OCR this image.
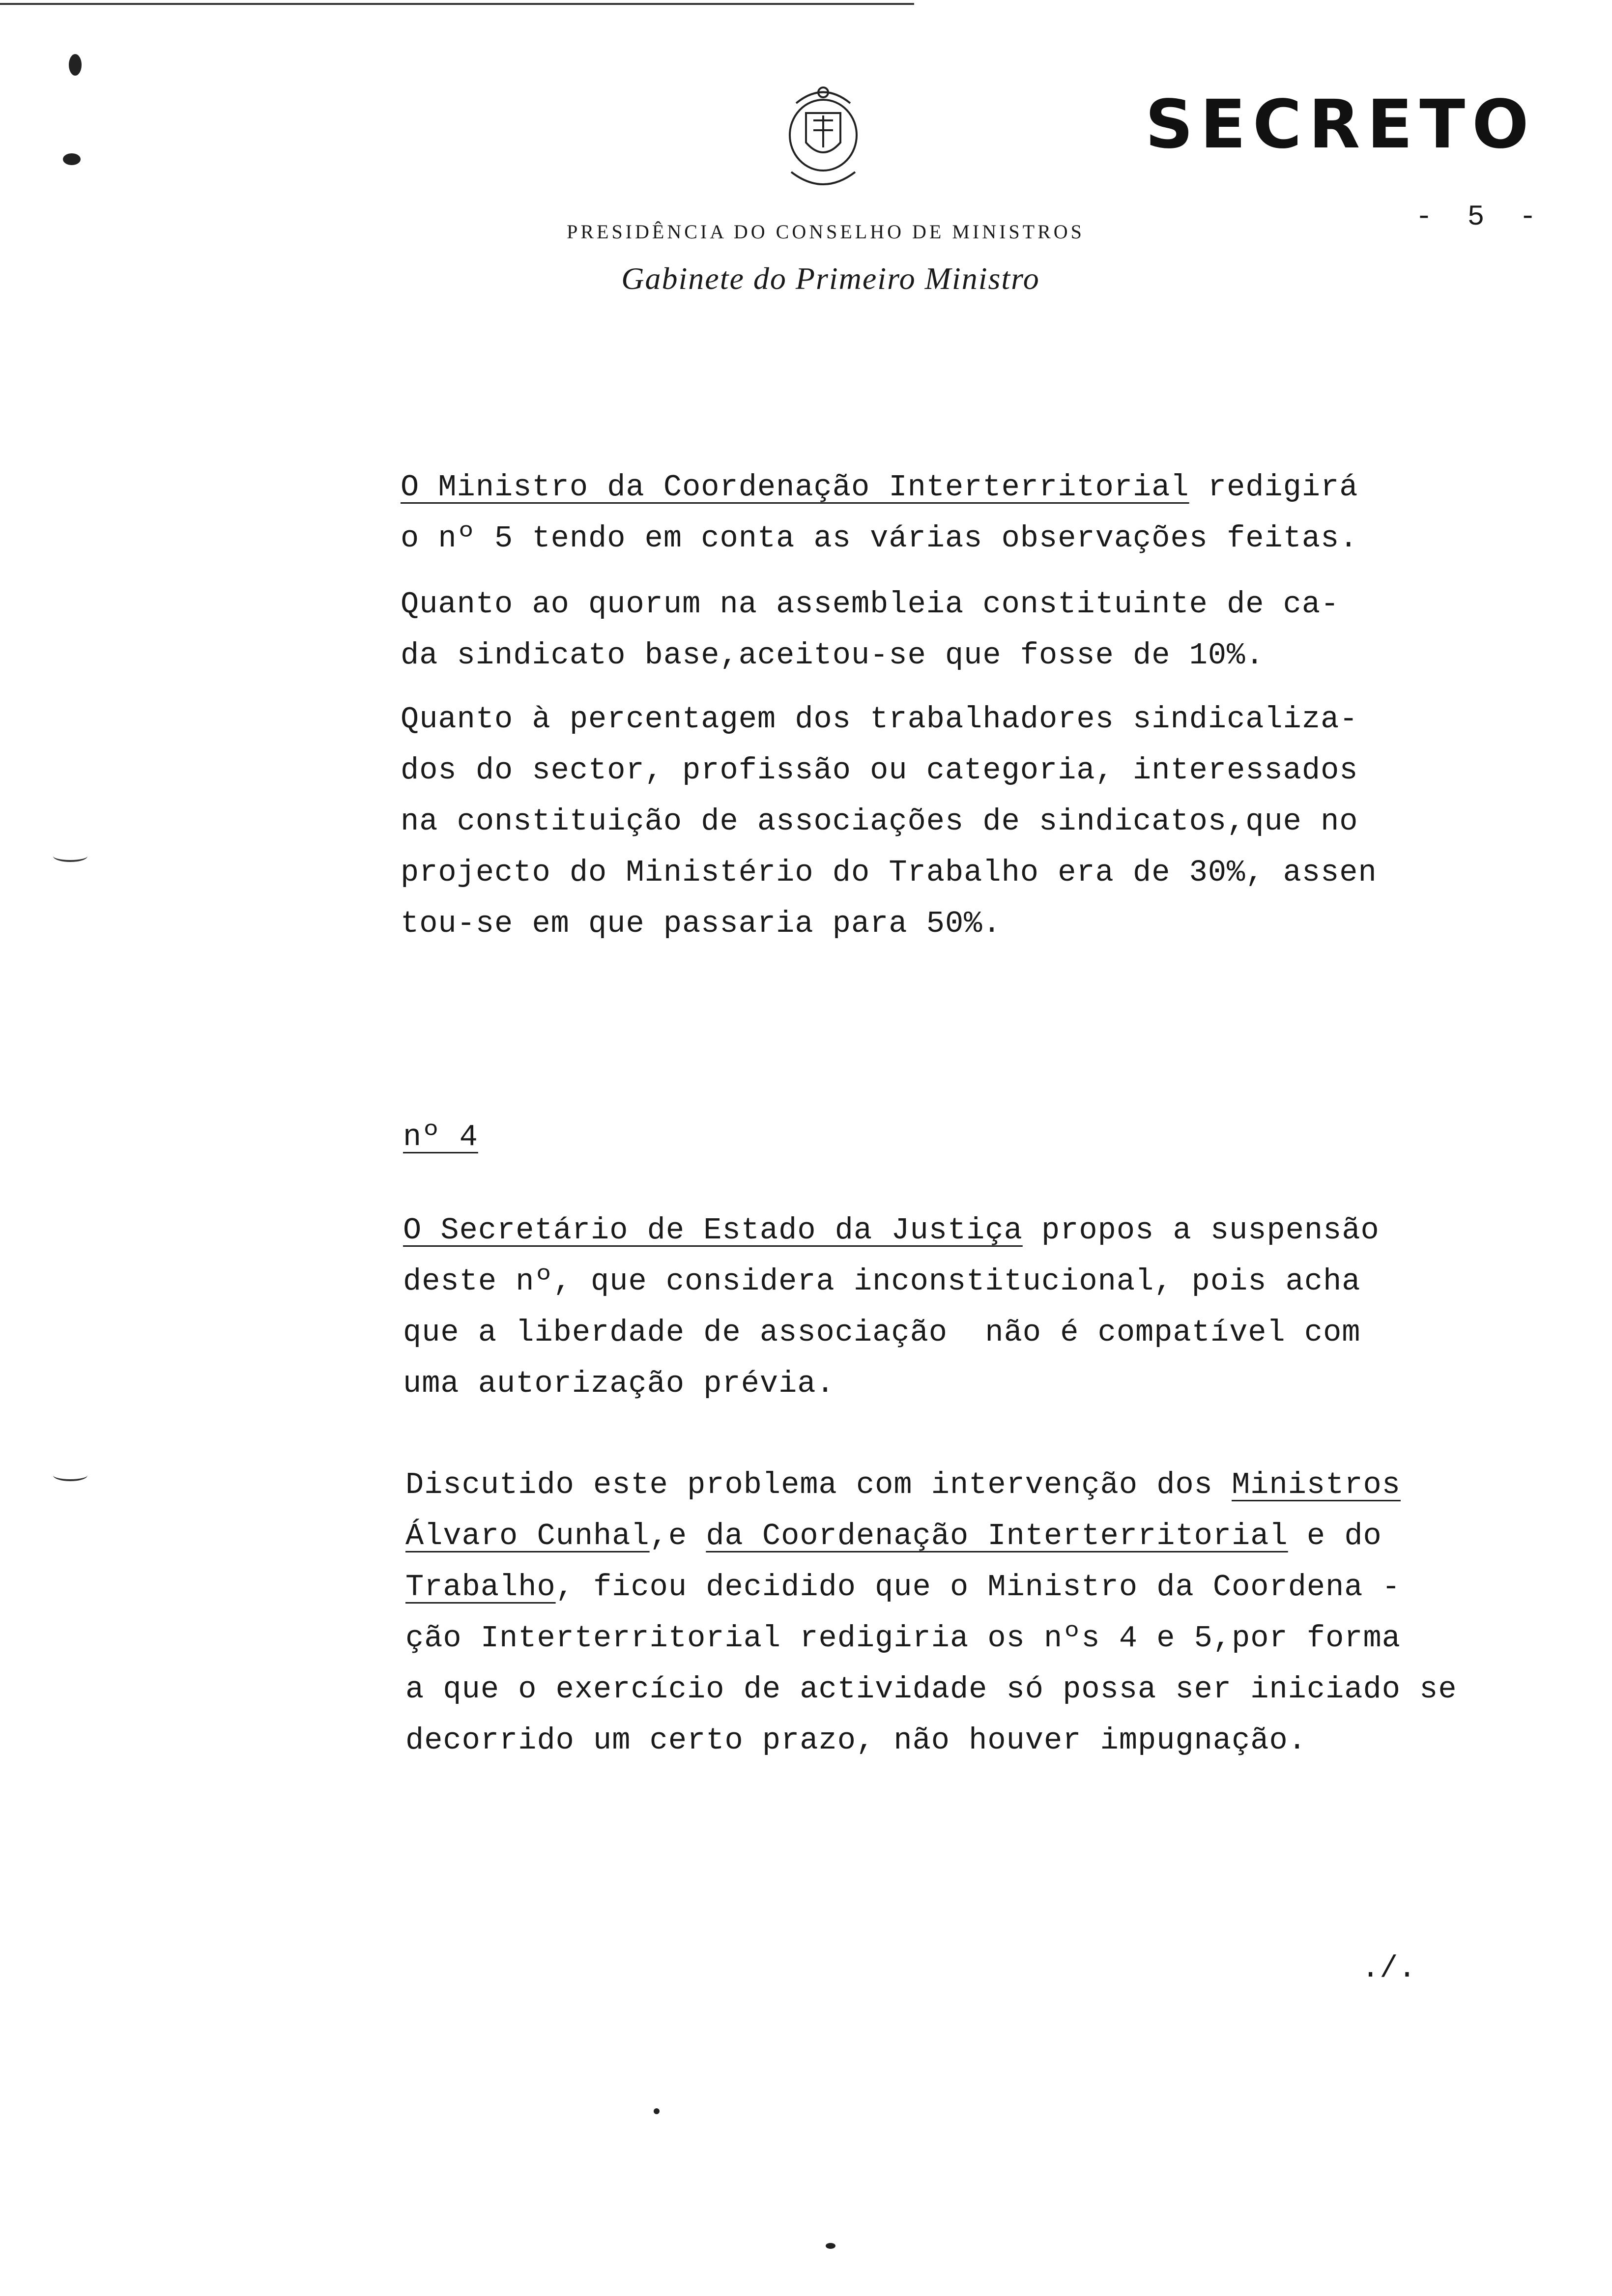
SECRETO
- 5 -
PRESIDÊNCIA DO CONSELHO DE MINISTROS
Gabinete do Primeiro Ministro
O Ministro da Coordenação Interterritorial redigirá
o nº 5 tendo em conta as várias observações feitas.
Quanto ao quorum na assembleia constituinte de ca-
da sindicato base,aceitou-se que fosse de 10%.
Quanto à percentagem dos trabalhadores sindicaliza-
dos do sector, profissão ou categoria, interessados
na constituição de associações de sindicatos,que no
projecto do Ministério do Trabalho era de 30%, assen
tou-se em que passaria para 50%.
nº 4
O Secretário de Estado da Justiça propos a suspensão
deste nº, que considera inconstitucional, pois acha
que a liberdade de associação  não é compatível com
uma autorização prévia.
Discutido este problema com intervenção dos Ministros
Álvaro Cunhal,e da Coordenação Interterritorial e do
Trabalho, ficou decidido que o Ministro da Coordena -
ção Interterritorial redigiria os nºs 4 e 5,por forma
a que o exercício de actividade só possa ser iniciado se
decorrido um certo prazo, não houver impugnação.
./.
